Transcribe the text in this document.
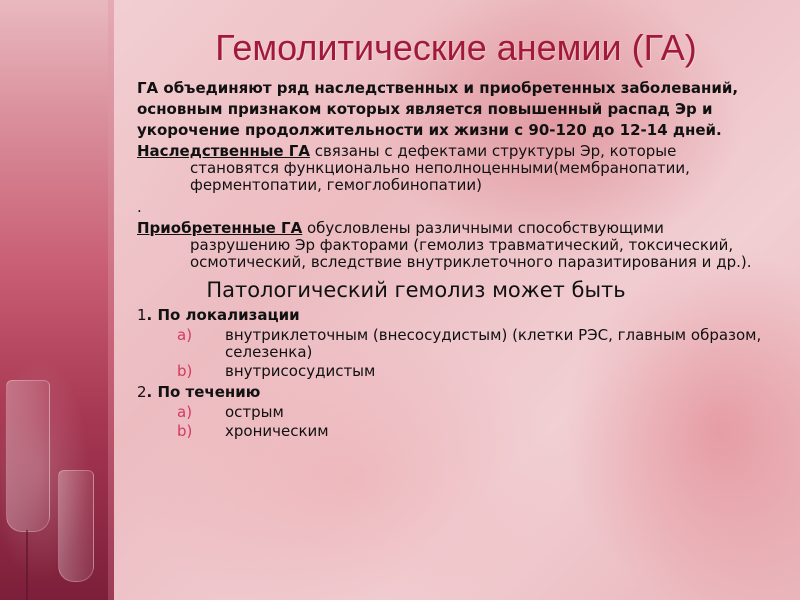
Гемолитические анемии (ГА)

ГА объединяют ряд наследственных и приобретенных заболеваний,

основным признаком которых является повышенный распад Эр и

укорочение продолжительности их жизни с 90-120 до 12-14 дней.

Наследственные ГА связаны с дефектами структуры Эр, которые становятся функционально неполноценными(мембранопатии, ферментопатии, гемоглобинопатии)

.

Приобретенные ГА обусловлены различными способствующими разрушению Эр факторами (гемолиз травматический, токсический, осмотический, вследствие внутриклеточного паразитирования и др.).

Патологический гемолиз может быть

1. По локализации

a) внутриклеточным (внесосудистым) (клетки РЭС, главным образом, селезенка)
b) внутрисосудистым

2. По течению

a) острым
b) хроническим
